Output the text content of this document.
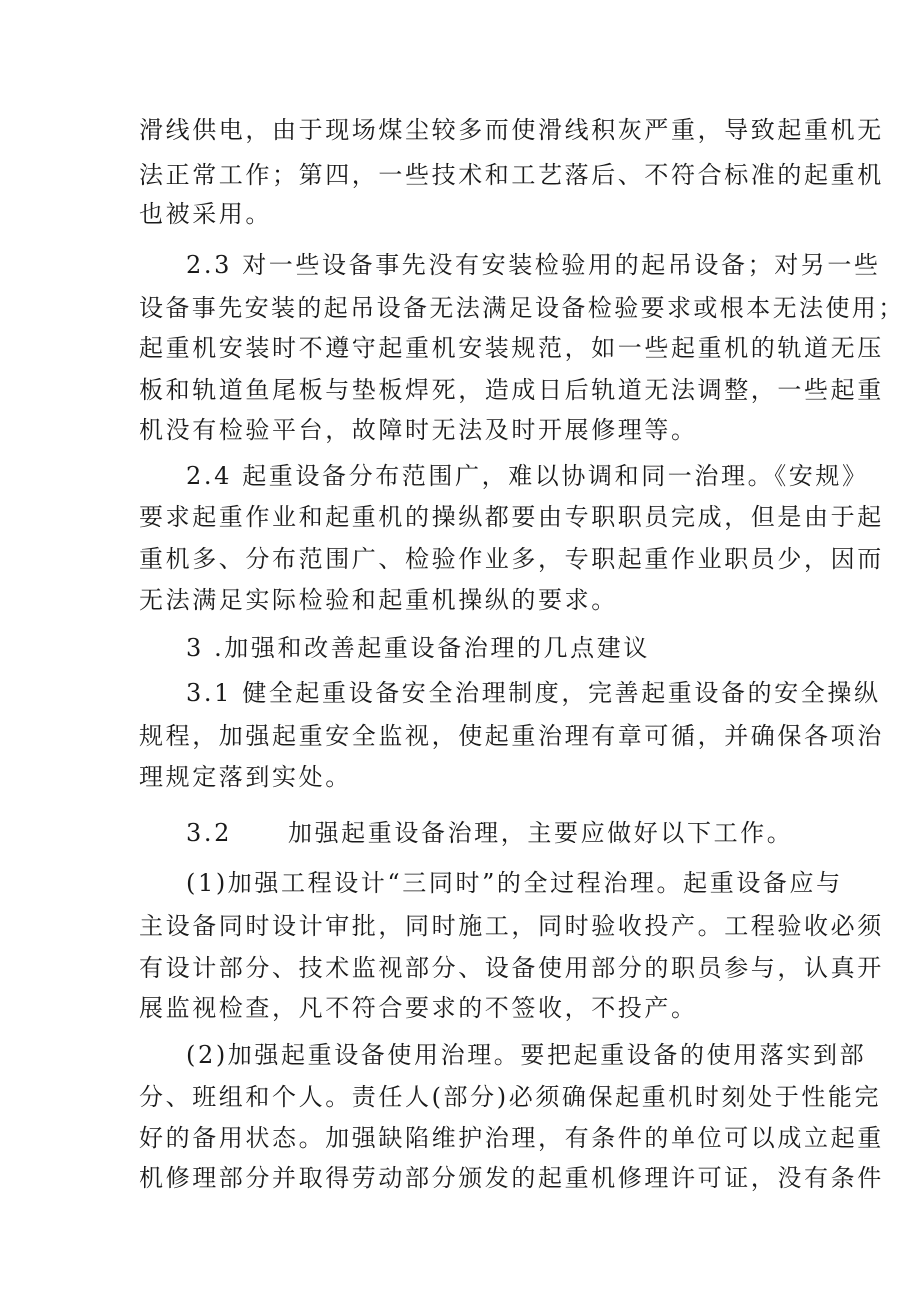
滑线供电，由于现场煤尘较多而使滑线积灰严重，导致起重机无
法正常工作；第四，一些技术和工艺落后、不符合标准的起重机
也被采用。
2.3 对一些设备事先没有安装检验用的起吊设备；对另一些
设备事先安装的起吊设备无法满足设备检验要求或根本无法使用；
起重机安装时不遵守起重机安装规范，如一些起重机的轨道无压
板和轨道鱼尾板与垫板焊死，造成日后轨道无法调整，一些起重
机没有检验平台，故障时无法及时开展修理等。
2.4 起重设备分布范围广，难以协调和同一治理。《安规》
要求起重作业和起重机的操纵都要由专职职员完成，但是由于起
重机多、分布范围广、检验作业多，专职起重作业职员少，因而
无法满足实际检验和起重机操纵的要求。
3 .加强和改善起重设备治理的几点建议
3.1 健全起重设备安全治理制度，完善起重设备的安全操纵
规程，加强起重安全监视，使起重治理有章可循，并确保各项治
理规定落到实处。
3.2 加强起重设备治理，主要应做好以下工作。
(1)加强工程设计“三同时”的全过程治理。起重设备应与
主设备同时设计审批，同时施工，同时验收投产。工程验收必须
有设计部分、技术监视部分、设备使用部分的职员参与，认真开
展监视检查，凡不符合要求的不签收，不投产。
(2)加强起重设备使用治理。要把起重设备的使用落实到部
分、班组和个人。责任人(部分)必须确保起重机时刻处于性能完
好的备用状态。加强缺陷维护治理，有条件的单位可以成立起重
机修理部分并取得劳动部分颁发的起重机修理许可证，没有条件
